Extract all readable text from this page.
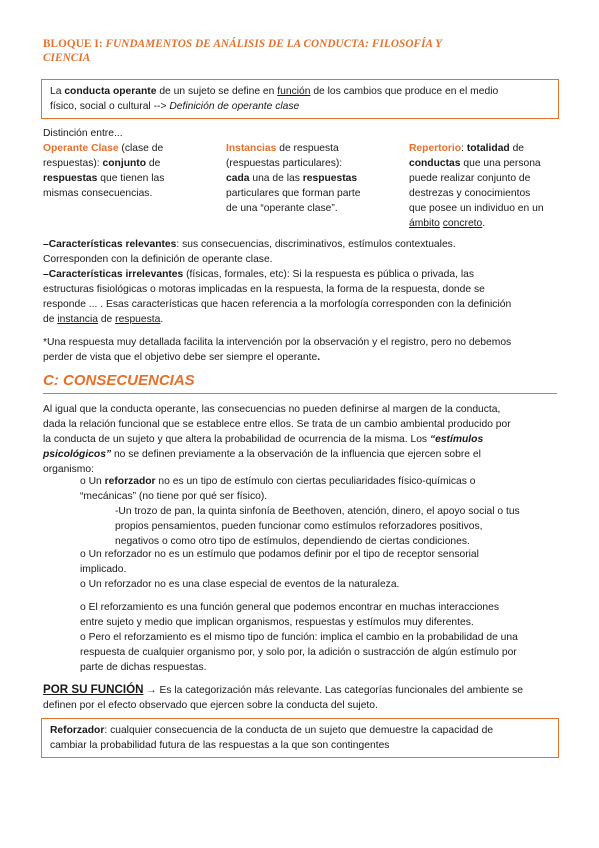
BLOQUE I: FUNDAMENTOS DE ANÁLISIS DE LA CONDUCTA: FILOSOFÍA Y
CIENCIA
La conducta operante de un sujeto se define en función de los cambios que produce en el medio
físico, social o cultural --> Definición de operante clase
Distinción entre...
Operante Clase (clase de
respuestas): conjunto de
respuestas que tienen las
mismas consecuencias.
Instancias de respuesta
(respuestas particulares):
cada una de las respuestas
particulares que forman parte
de una “operante clase”.
Repertorio: totalidad de
conductas que una persona
puede realizar conjunto de
destrezas y conocimientos
que posee un individuo en un
ámbito concreto.
–Características relevantes: sus consecuencias, discriminativos, estímulos contextuales.
Corresponden con la definición de operante clase.
–Características irrelevantes (físicas, formales, etc): Si la respuesta es pública o privada, las
estructuras fisiológicas o motoras implicadas en la respuesta, la forma de la respuesta, donde se
responde ... . Esas características que hacen referencia a la morfología corresponden con la definición
de instancia de respuesta.
*Una respuesta muy detallada facilita la intervención por la observación y el registro, pero no debemos
perder de vista que el objetivo debe ser siempre el operante.
C: CONSECUENCIAS
Al igual que la conducta operante, las consecuencias no pueden definirse al margen de la conducta,
dada la relación funcional que se establece entre ellos. Se trata de un cambio ambiental producido por
la conducta de un sujeto y que altera la probabilidad de ocurrencia de la misma. Los “estímulos
psicológicos” no se definen previamente a la observación de la influencia que ejercen sobre el
organismo:
o Un reforzador no es un tipo de estímulo con ciertas peculiaridades físico-químicas o
“mecánicas” (no tiene por qué ser físico).
-Un trozo de pan, la quinta sinfonía de Beethoven, atención, dinero, el apoyo social o tus
propios pensamientos, pueden funcionar como estímulos reforzadores positivos,
negativos o como otro tipo de estímulos, dependiendo de ciertas condiciones.
o Un reforzador no es un estímulo que podamos definir por el tipo de receptor sensorial
implicado.
o Un reforzador no es una clase especial de eventos de la naturaleza.
o El reforzamiento es una función general que podemos encontrar en muchas interacciones
entre sujeto y medio que implican organismos, respuestas y estímulos muy diferentes.
o Pero el reforzamiento es el mismo tipo de función: implica el cambio en la probabilidad de una
respuesta de cualquier organismo por, y solo por, la adición o sustracción de algún estímulo por
parte de dichas respuestas.
POR SU FUNCIÓN → Es la categorización más relevante. Las categorías funcionales del ambiente se
definen por el efecto observado que ejercen sobre la conducta del sujeto.
Reforzador: cualquier consecuencia de la conducta de un sujeto que demuestre la capacidad de
cambiar la probabilidad futura de las respuestas a la que son contingentes
